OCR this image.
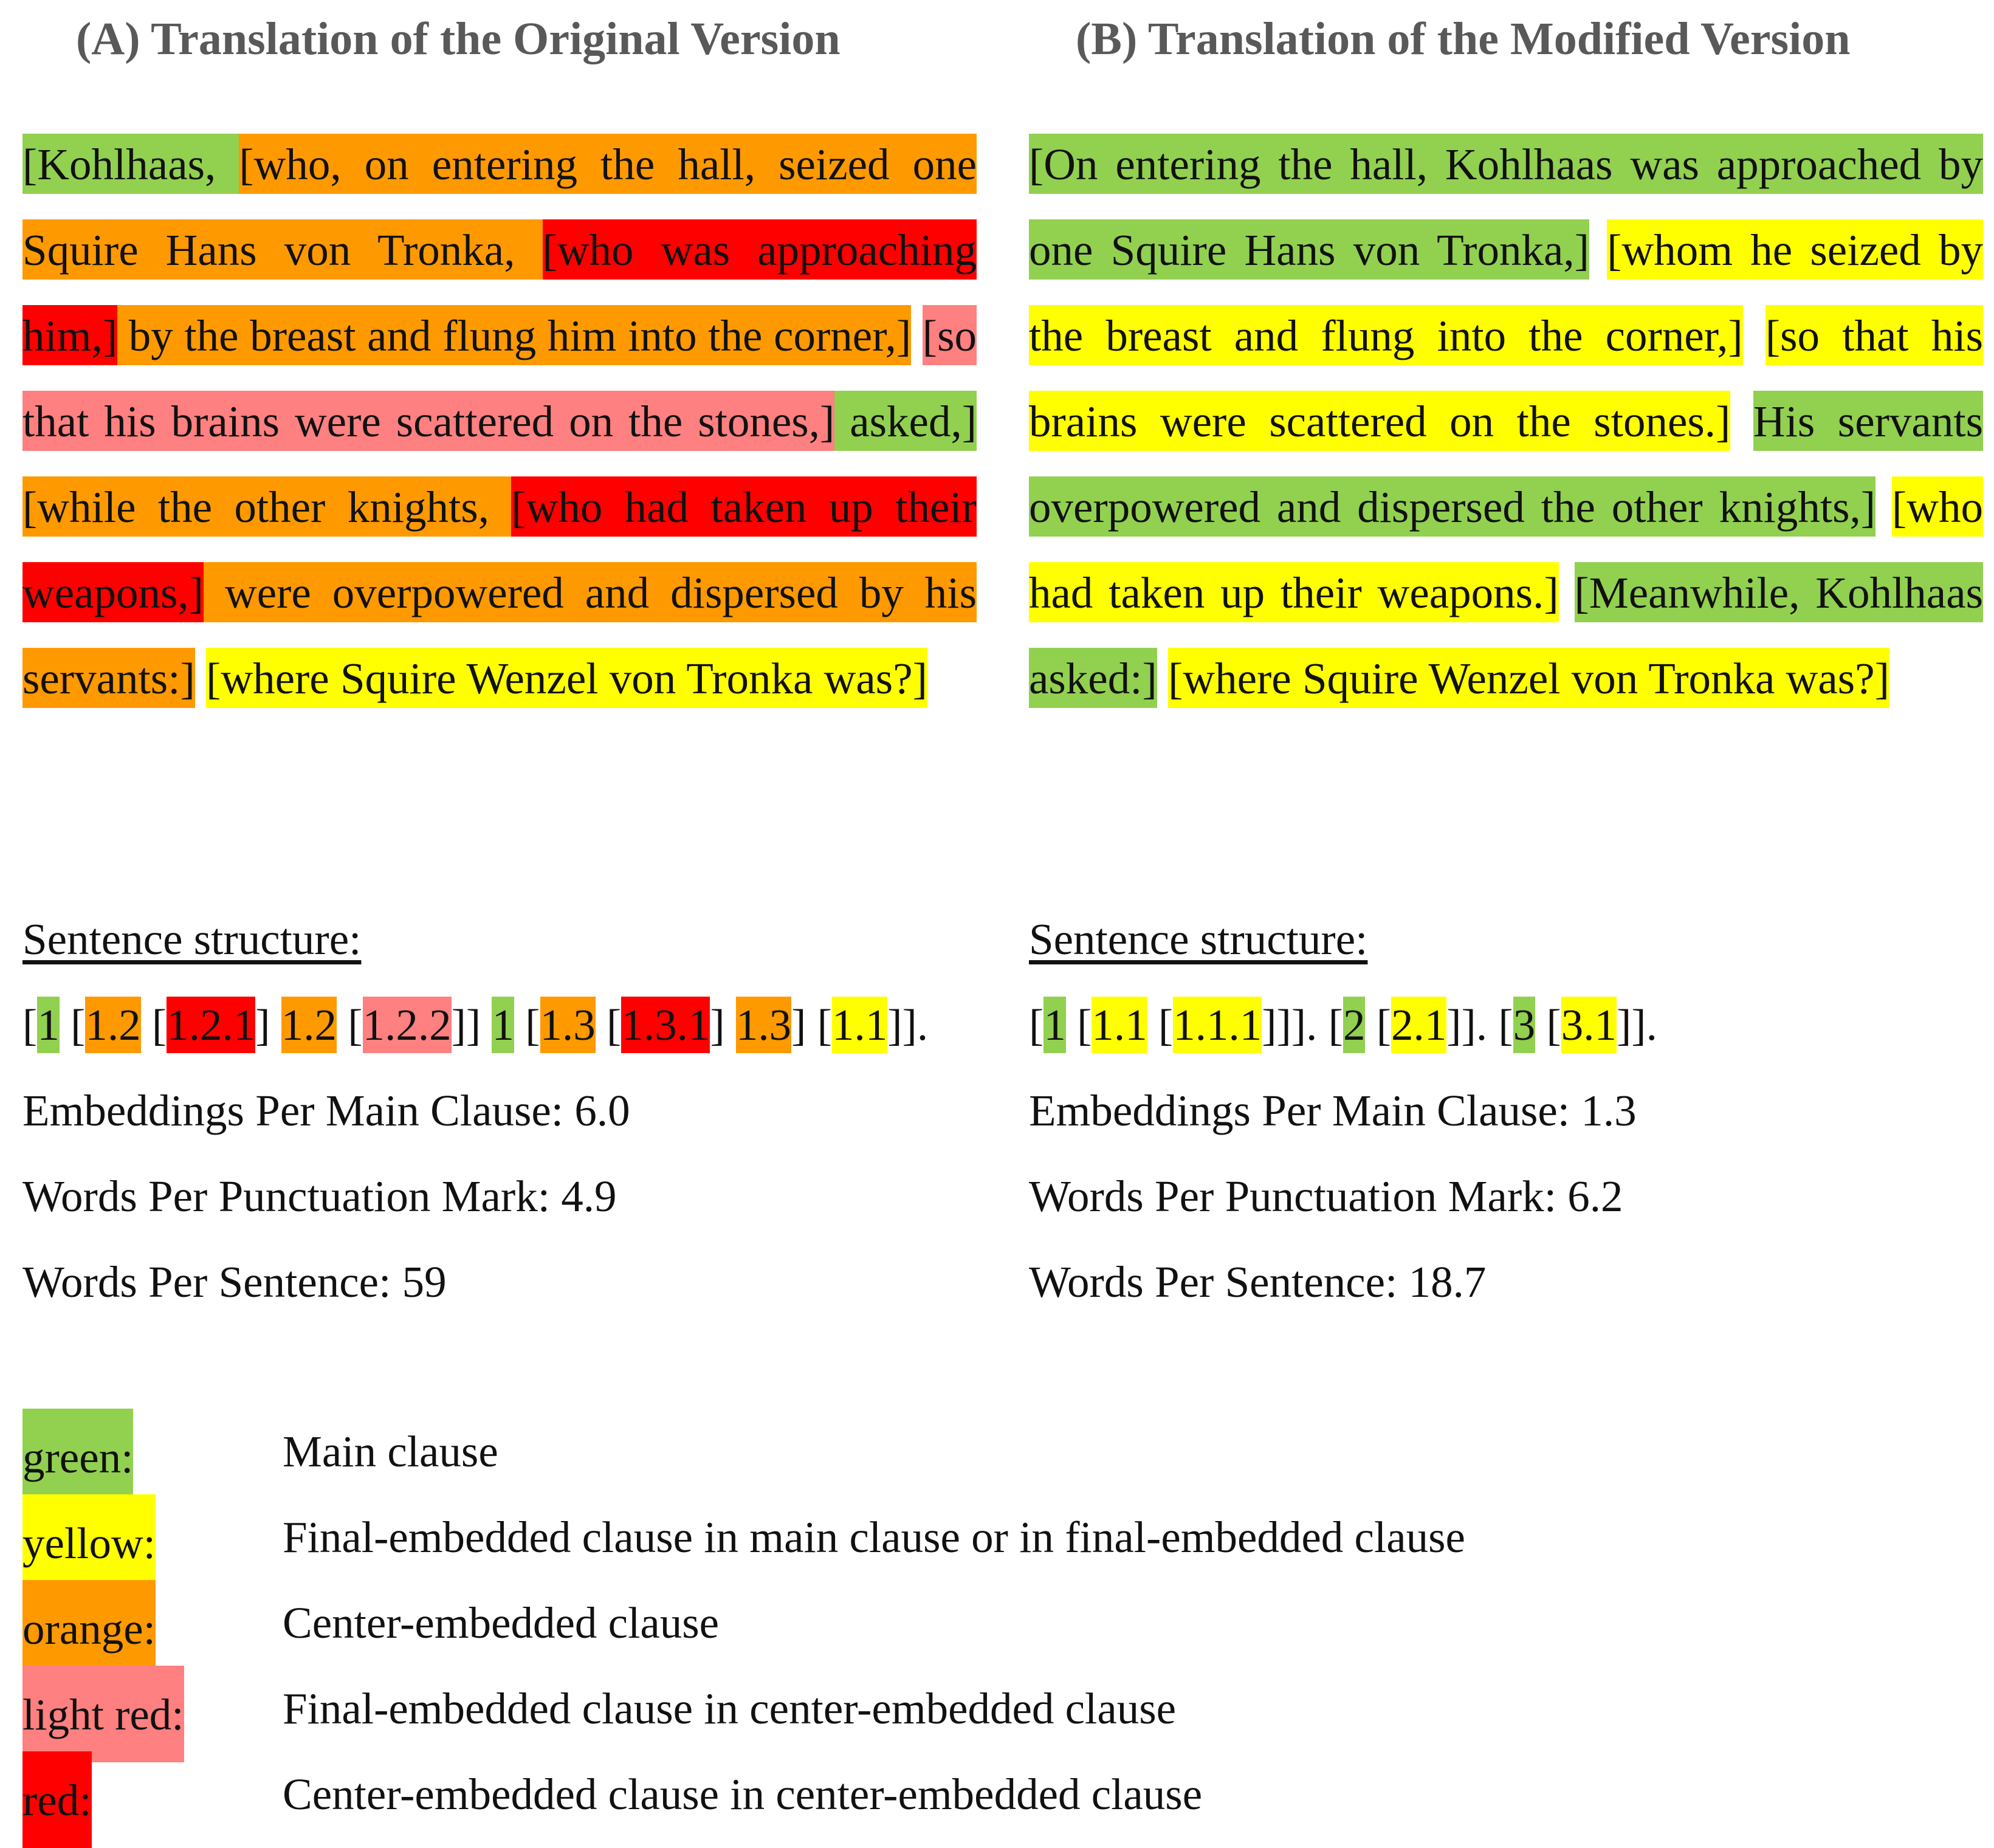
(A) Translation of the Original Version	(B) Translation of the Modified Version

[Kohlhaas, [who, on entering the hall, seized one Squire Hans von Tronka, [who was approaching him,] by the breast and flung him into the corner,] [so that his brains were scattered on the stones,] asked,] [while the other knights, [who had taken up their weapons,] were overpowered and dispersed by his servants:] [where Squire Wenzel von Tronka was?]

[On entering the hall, Kohlhaas was approached by one Squire Hans von Tronka,] [whom he seized by the breast and flung into the corner,] [so that his brains were scattered on the stones.] His servants overpowered and dispersed the other knights,] [who had taken up their weapons.] [Meanwhile, Kohlhaas asked:] [where Squire Wenzel von Tronka was?]

Sentence structure:
[1 [1.2 [1.2.1] 1.2 [1.2.2]] 1 [1.3 [1.3.1] 1.3] [1.1]].
Embeddings Per Main Clause: 6.0
Words Per Punctuation Mark: 4.9
Words Per Sentence: 59
Sentence structure:
[1 [1.1 [1.1.1]]]. [2 [2.1]]. [3 [3.1]].
Embeddings Per Main Clause: 1.3
Words Per Punctuation Mark: 6.2
Words Per Sentence: 18.7
green:	Main clause
yellow:	Final-embedded clause in main clause or in final-embedded clause
orange:	Center-embedded clause
light red: Final-embedded clause in center-embedded clause
red:	Center-embedded clause in center-embedded clause
